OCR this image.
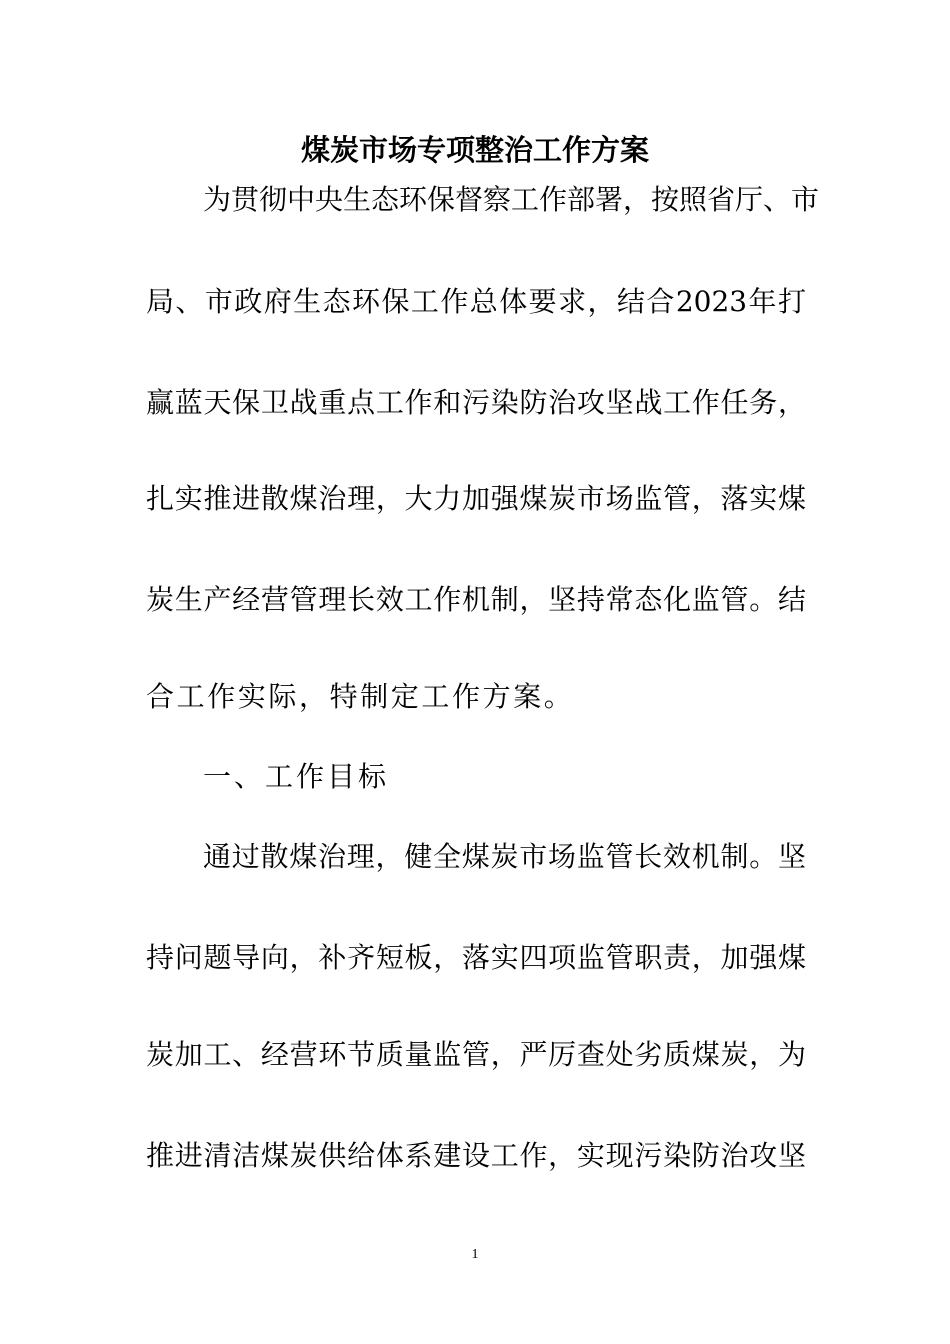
煤炭市场专项整治工作方案

为贯彻中央生态环保督察工作部署，按照省厅、市

局、市政府生态环保工作总体要求，结合2023年打

赢蓝天保卫战重点工作和污染防治攻坚战工作任务，

扎实推进散煤治理，大力加强煤炭市场监管，落实煤

炭生产经营管理长效工作机制，坚持常态化监管。结

合工作实际，特制定工作方案。

一、工作目标

通过散煤治理，健全煤炭市场监管长效机制。坚

持问题导向，补齐短板，落实四项监管职责，加强煤

炭加工、经营环节质量监管，严厉查处劣质煤炭，为

推进清洁煤炭供给体系建设工作，实现污染防治攻坚

1
